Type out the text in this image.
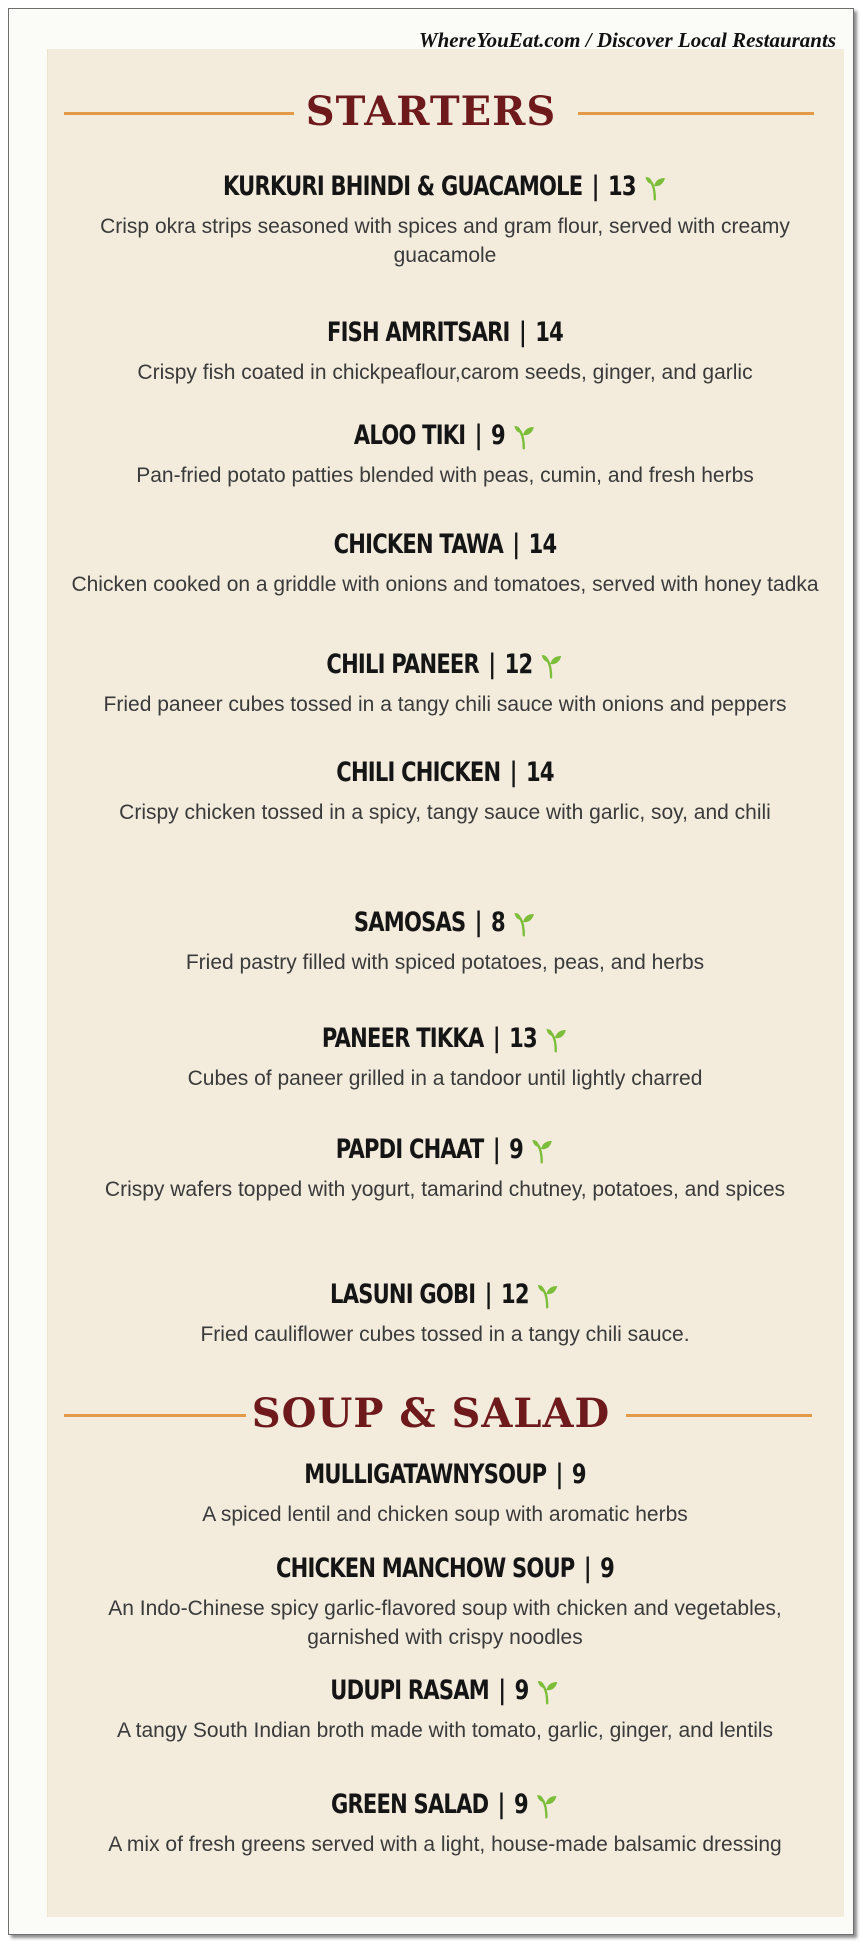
WhereYouEat.com / Discover Local Restaurants
STARTERS
KURKURI BHINDI & GUACAMOLE | 13
Crisp okra strips seasoned with spices and gram flour, served with creamy guacamole
FISH AMRITSARI | 14
Crispy fish coated in chickpeaflour,carom seeds, ginger, and garlic
ALOO TIKI | 9
Pan-fried potato patties blended with peas, cumin, and fresh herbs
CHICKEN TAWA | 14
Chicken cooked on a griddle with onions and tomatoes, served with honey tadka
CHILI PANEER | 12
Fried paneer cubes tossed in a tangy chili sauce with onions and peppers
CHILI CHICKEN | 14
Crispy chicken tossed in a spicy, tangy sauce with garlic, soy, and chili
SAMOSAS | 8
Fried pastry filled with spiced potatoes, peas, and herbs
PANEER TIKKA | 13
Cubes of paneer grilled in a tandoor until lightly charred
PAPDI CHAAT | 9
Crispy wafers topped with yogurt, tamarind chutney, potatoes, and spices
LASUNI GOBI | 12
Fried cauliflower cubes tossed in a tangy chili sauce.
SOUP & SALAD
MULLIGATAWNYSOUP | 9
A spiced lentil and chicken soup with aromatic herbs
CHICKEN MANCHOW SOUP | 9
An Indo-Chinese spicy garlic-flavored soup with chicken and vegetables, garnished with crispy noodles
UDUPI RASAM | 9
A tangy South Indian broth made with tomato, garlic, ginger, and lentils
GREEN SALAD | 9
A mix of fresh greens served with a light, house-made balsamic dressing
